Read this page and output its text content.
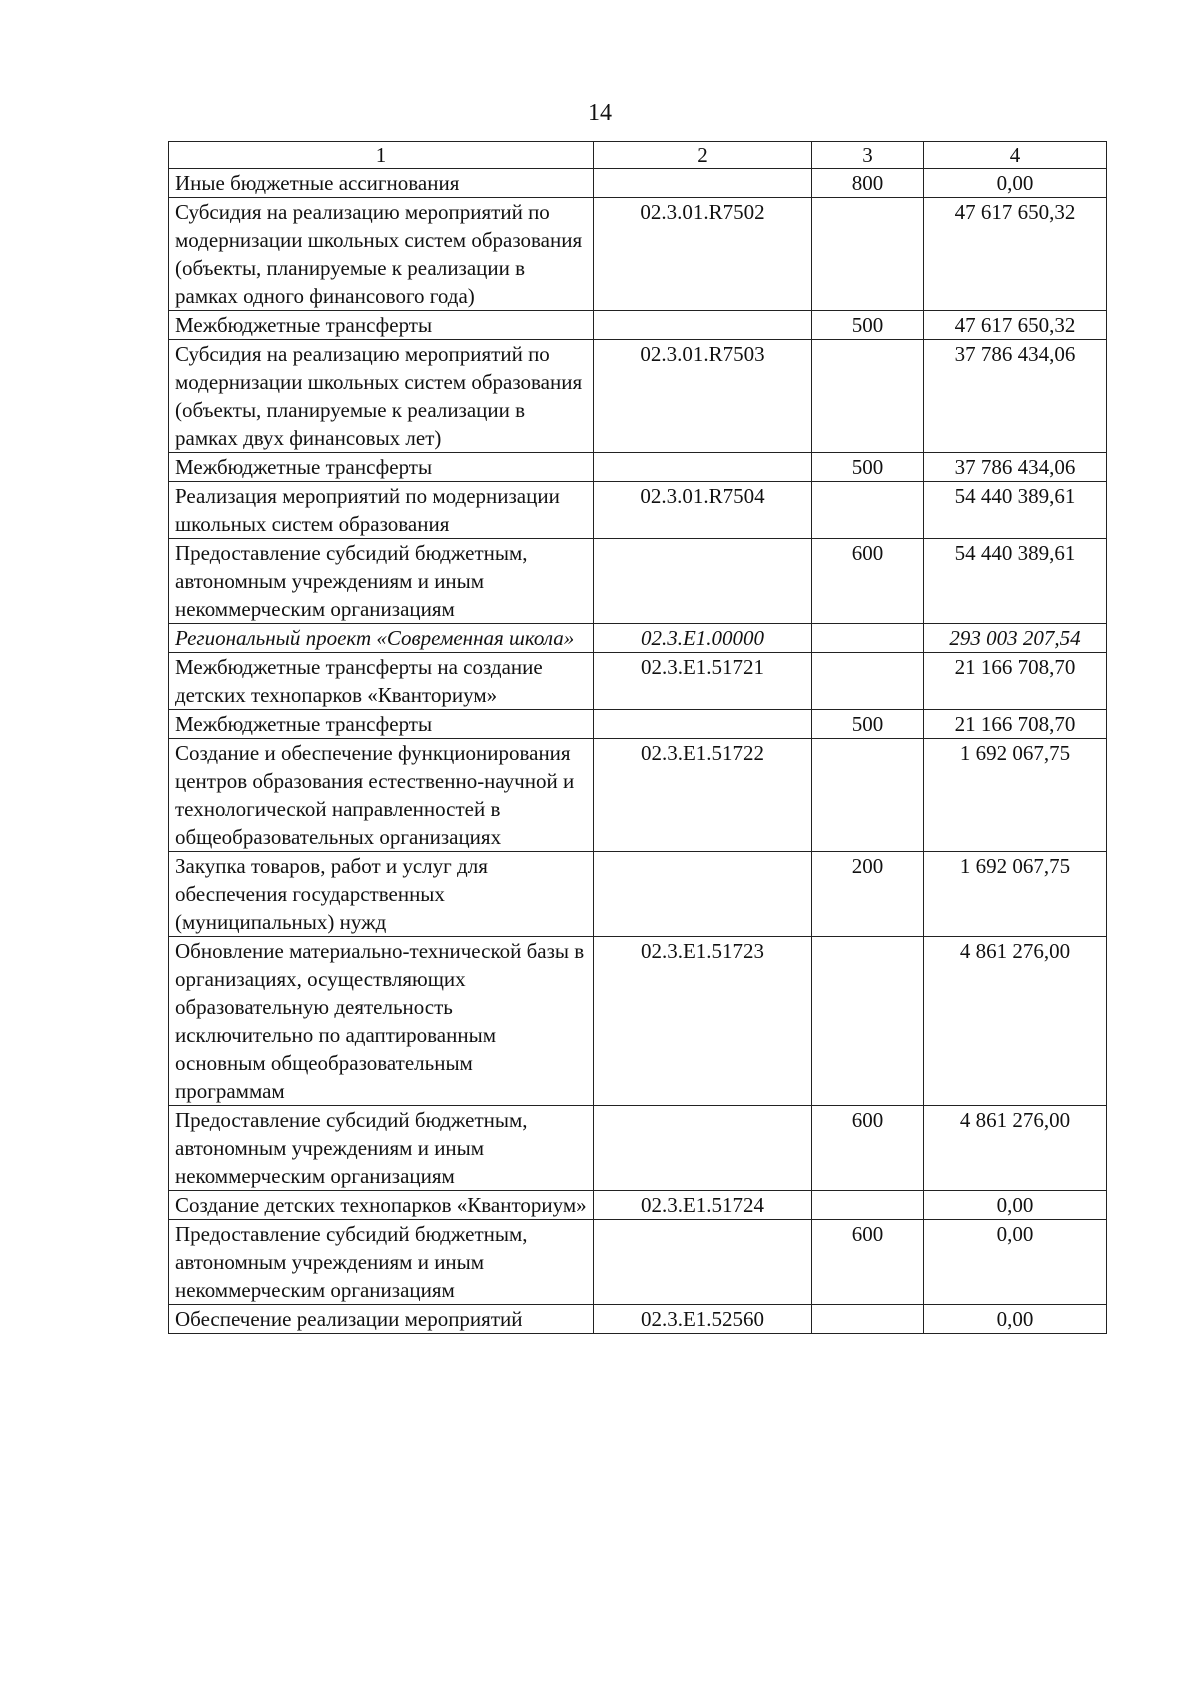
14
1	2	3	4
Иные бюджетные ассигнования		800	0,00
Субсидия на реализацию мероприятий по модернизации школьных систем образования (объекты, планируемые к реализации в рамках одного финансового года)	02.3.01.R7502		47 617 650,32
Межбюджетные трансферты		500	47 617 650,32
Субсидия на реализацию мероприятий по модернизации школьных систем образования (объекты, планируемые к реализации в рамках двух финансовых лет)	02.3.01.R7503		37 786 434,06
Межбюджетные трансферты		500	37 786 434,06
Реализация мероприятий по модернизации школьных систем образования	02.3.01.R7504		54 440 389,61
Предоставление субсидий бюджетным, автономным учреждениям и иным некоммерческим организациям		600	54 440 389,61
Региональный проект «Современная школа»	02.3.E1.00000		293 003 207,54
Межбюджетные трансферты на создание детских технопарков «Кванториум»	02.3.E1.51721		21 166 708,70
Межбюджетные трансферты		500	21 166 708,70
Создание и обеспечение функционирования центров образования естественно-научной и технологической направленностей в общеобразовательных организациях	02.3.E1.51722		1 692 067,75
Закупка товаров, работ и услуг для обеспечения государственных (муниципальных) нужд		200	1 692 067,75
Обновление материально-технической базы в организациях, осуществляющих образовательную деятельность исключительно по адаптированным основным общеобразовательным программам	02.3.E1.51723		4 861 276,00
Предоставление субсидий бюджетным, автономным учреждениям и иным некоммерческим организациям		600	4 861 276,00
Создание детских технопарков «Кванториум»	02.3.E1.51724		0,00
Предоставление субсидий бюджетным, автономным учреждениям и иным некоммерческим организациям		600	0,00
Обеспечение реализации мероприятий	02.3.E1.52560		0,00
